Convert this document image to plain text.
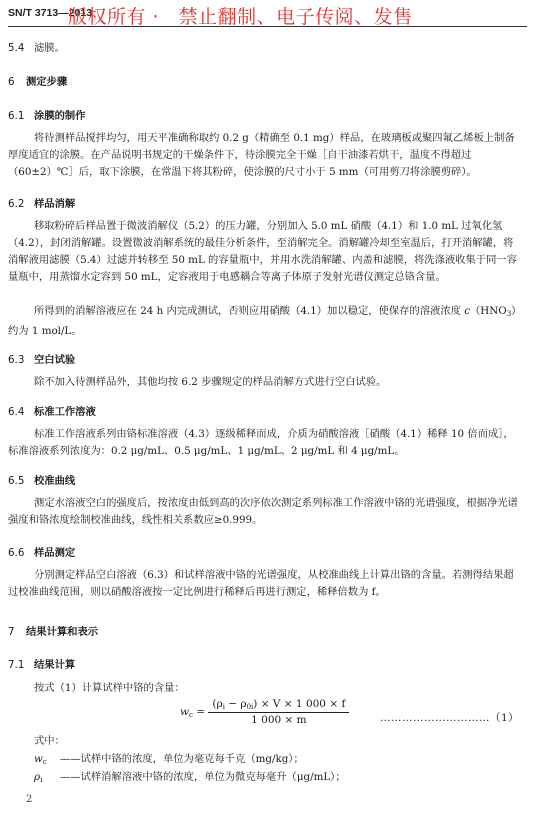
SN/T 3713—2013
版权所有 ·　禁止翻制、电子传阅、发售
5.4 滤膜。
6 测定步骤
6.1 涂膜的制作
将待测样品搅拌均匀，用天平准确称取约 0.2 g（精确至 0.1 mg）样品，在玻璃板或聚四氟乙烯板上制备厚度适宜的涂膜。在产品说明书规定的干燥条件下，待涂膜完全干燥［自干油漆若烘干，温度不得超过（60±2）℃］后，取下涂膜，在常温下将其粉碎，使涂膜的尺寸小于 5 mm（可用剪刀将涂膜剪碎）。
6.2 样品消解
移取粉碎后样品置于微波消解仪（5.2）的压力罐，分别加入 5.0 mL 硝酸（4.1）和 1.0 mL 过氧化氢（4.2），封闭消解罐。设置微波消解系统的最佳分析条件，至消解完全。消解罐冷却至室温后，打开消解罐，将消解液用滤膜（5.4）过滤并转移至 50 mL 的容量瓶中，并用水洗消解罐、内盖和滤膜，将洗涤液收集于同一容量瓶中，用蒸馏水定容到 50 mL，定容液用于电感耦合等离子体原子发射光谱仪测定总铬含量。
所得到的消解溶液应在 24 h 内完成测试，否则应用硝酸（4.1）加以稳定，使保存的溶液浓度 $c(HNO_3)$约为 1 mol/L。
6.3 空白试验
除不加入待测样品外，其他均按 6.2 步骤规定的样品消解方式进行空白试验。
6.4 标准工作溶液
标准工作溶液系列由铬标准溶液（4.3）逐级稀释而成，介质为硝酸溶液［硝酸（4.1）稀释 10 倍而成］，标准溶液系列浓度为：0.2 μg/mL、0.5 μg/mL、1 μg/mL、2 μg/mL 和 4 μg/mL。
6.5 校准曲线
测定水溶液空白的强度后，按浓度由低到高的次序依次测定系列标准工作溶液中铬的光谱强度，根据净光谱强度和铬浓度绘制校准曲线，线性相关系数应≥0.999。
6.6 样品测定
分别测定样品空白溶液（6.3）和试样溶液中铬的光谱强度，从校准曲线上计算出铬的含量。若测得结果超过校准曲线范围，则以硝酸溶液按一定比例进行稀释后再进行测定，稀释倍数为 f。
7 结果计算和表示
7.1 结果计算
按式（1）计算试样中铬的含量：
$w_c = \frac{(\rho_i - \rho_{0i}) \times V \times 1 000 \times f}{1 000 \times m}$	…………………………（1）
式中：
$w_c$ ——试样中铬的浓度，单位为毫克每千克（mg/kg）；
$\rho_i$ ——试样消解溶液中铬的浓度，单位为微克每毫升（μg/mL）；
2
